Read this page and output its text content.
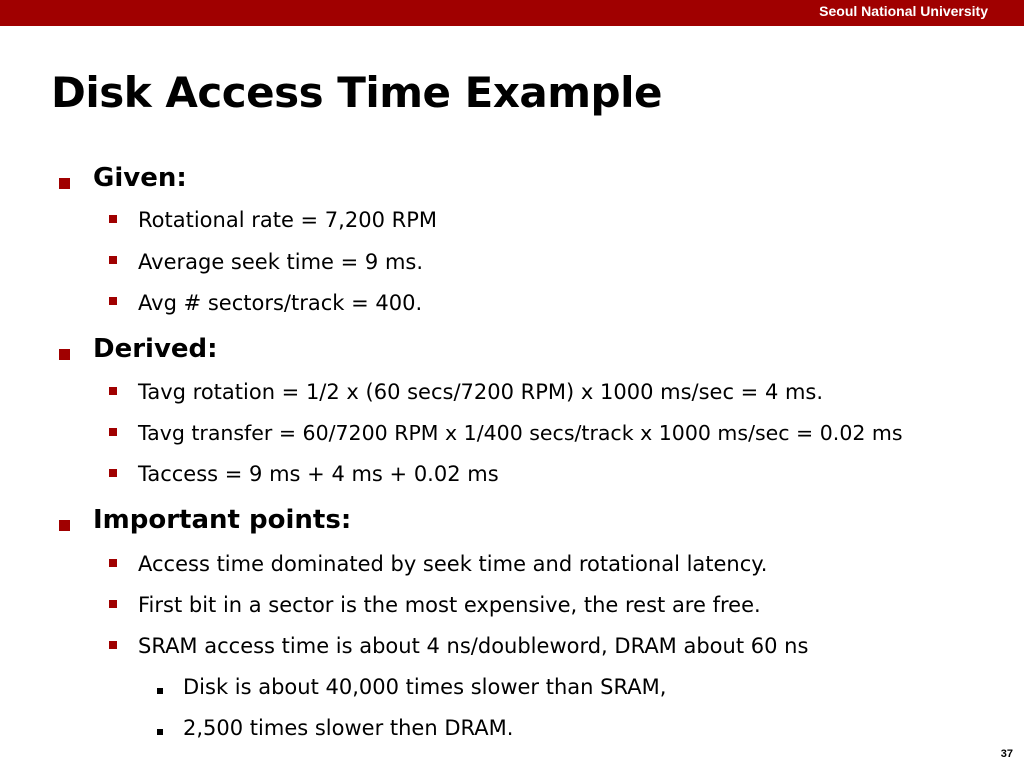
Seoul National University
Disk Access Time Example
Given:
Rotational rate = 7,200 RPM
Average seek time = 9 ms.
Avg # sectors/track = 400.
Derived:
Tavg rotation = 1/2 x (60 secs/7200 RPM) x 1000 ms/sec = 4 ms.
Tavg transfer = 60/7200 RPM x 1/400 secs/track x 1000 ms/sec = 0.02 ms
Taccess = 9 ms + 4 ms + 0.02 ms
Important points:
Access time dominated by seek time and rotational latency.
First bit in a sector is the most expensive, the rest are free.
SRAM access time is about 4 ns/doubleword, DRAM about 60 ns
Disk is about 40,000 times slower than SRAM,
2,500 times slower then DRAM.
37
